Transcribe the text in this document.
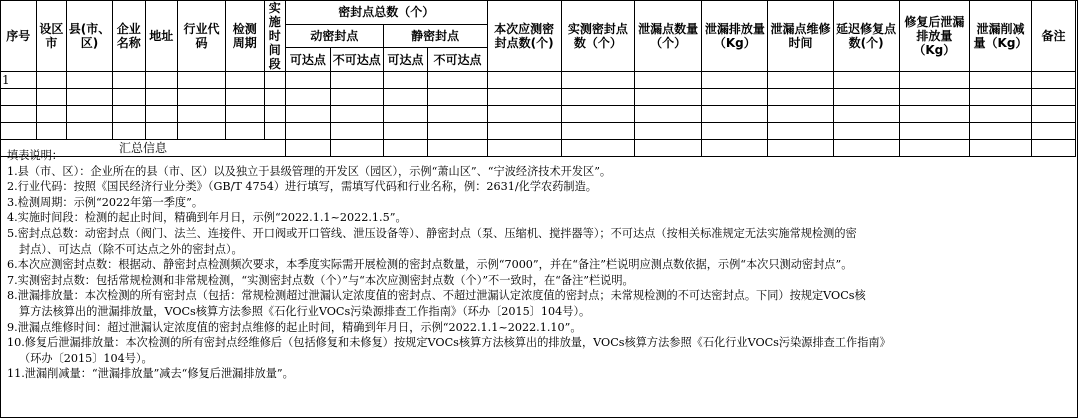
序号	设区市	县(市、区)	企业名称	地址	行业代码	检测周期	实施时间段	密封点总数（个）				本次应测密封点数(个)	实测密封点数（个）	泄漏点数量（个）	泄漏排放量（Kg）	泄漏点维修时间	延迟修复点数(个)	修复后泄漏排放量（Kg）	泄漏削减量（Kg）	备注
								动密封点		静密封点										
								可达点	不可达点	可达点	不可达点									
1																				

汇总信息																				
填表说明：
1.县（市、区）：企业所在的县（市、区）以及独立于县级管理的开发区（园区），示例“萧山区”、“宁波经济技术开发区”。
2.行业代码：按照《国民经济行业分类》（GB/T 4754）进行填写，需填写代码和行业名称，例：2631/化学农药制造。
3.检测周期：示例“2022年第一季度”。
4.实施时间段：检测的起止时间，精确到年月日，示例“2022.1.1~2022.1.5”。
5.密封点总数：动密封点（阀门、法兰、连接件、开口阀或开口管线、泄压设备等）、静密封点（泵、压缩机、搅拌器等）；不可达点（按相关标准规定无法实施常规检测的密
封点）、可达点（除不可达点之外的密封点）。
6.本次应测密封点数：根据动、静密封点检测频次要求，本季度实际需开展检测的密封点数量，示例“7000”，并在“备注”栏说明应测点数依据，示例“本次只测动密封点”。
7.实测密封点数：包括常规检测和非常规检测，“实测密封点数（个）”与“本次应测密封点数（个）”不一致时，在“备注”栏说明。
8.泄漏排放量：本次检测的所有密封点（包括：常规检测超过泄漏认定浓度值的密封点、不超过泄漏认定浓度值的密封点；未常规检测的不可达密封点。下同）按规定VOCs核
算方法核算出的泄漏排放量，VOCs核算方法参照《石化行业VOCs污染源排查工作指南》（环办〔2015〕104号）。
9.泄漏点维修时间：超过泄漏认定浓度值的密封点维修的起止时间，精确到年月日，示例“2022.1.1~2022.1.10”。
10.修复后泄漏排放量：本次检测的所有密封点经维修后（包括修复和未修复）按规定VOCs核算方法核算出的排放量，VOCs核算方法参照《石化行业VOCs污染源排查工作指南》
（环办〔2015〕104号）。
11.泄漏削减量：“泄漏排放量”减去“修复后泄漏排放量”。
